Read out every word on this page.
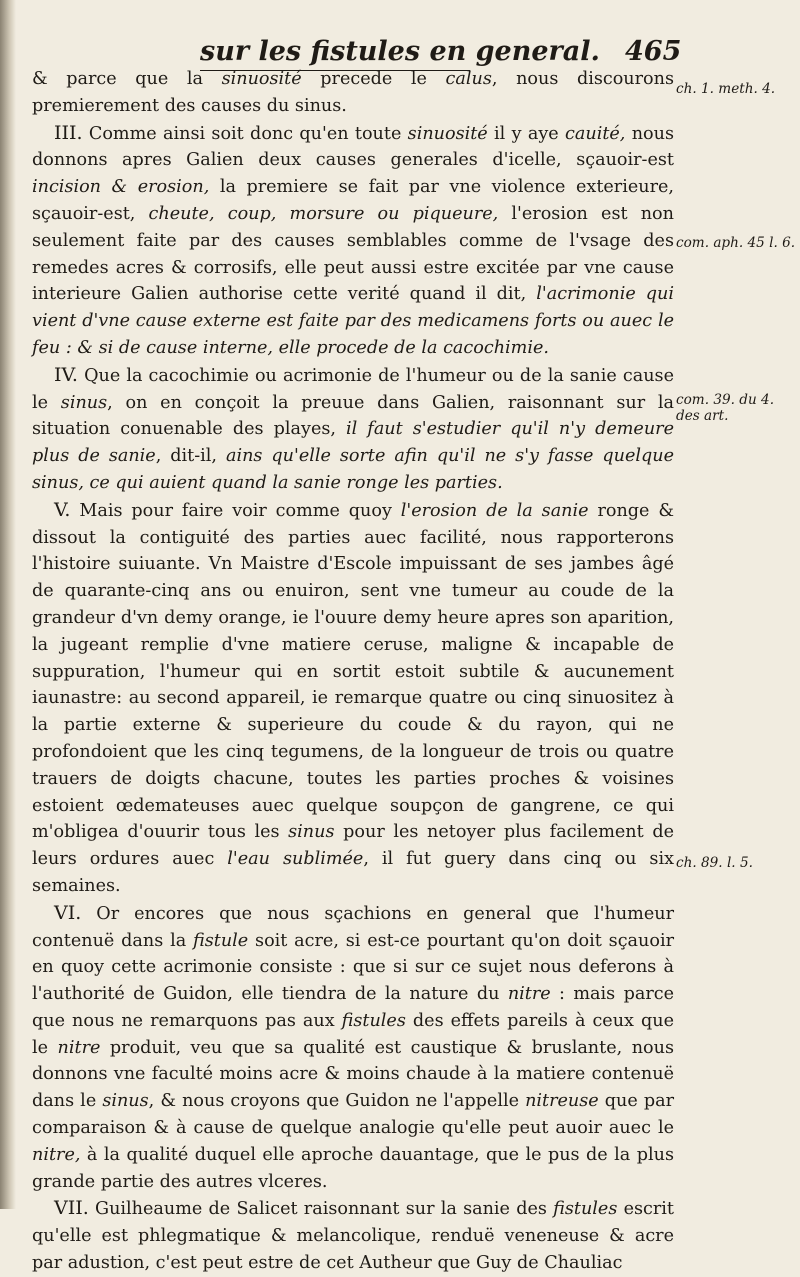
sur les fistules en general. 465

& parce que la sinuosité precede le calus, nous discourons premierement des causes du sinus.

III. Comme ainsi soit donc qu'en toute sinuosité il y aye cauité, nous donnons apres Galien deux causes generales d'icelle, sçauoir-est incision & erosion, la premiere se fait par vne violence exterieure, sçauoir-est, cheute, coup, morsure ou piqueure, l'erosion est non seulement faite par des causes semblables comme de l'vsage des remedes acres & corrosifs, elle peut aussi estre excitée par vne cause interieure Galien authorise cette verité quand il dit, l'acrimonie qui vient d'vne cause externe est faite par des medicamens forts ou auec le feu : & si de cause interne, elle procede de la cacochimie.

IV. Que la cacochimie ou acrimonie de l'humeur ou de la sanie cause le sinus, on en conçoit la preuue dans Galien, raisonnant sur la situation conuenable des playes, il faut s'estudier qu'il n'y demeure plus de sanie, dit-il, ains qu'elle sorte afin qu'il ne s'y fasse quelque sinus, ce qui auient quand la sanie ronge les parties.

V. Mais pour faire voir comme quoy l'erosion de la sanie ronge & dissout la contiguité des parties auec facilité, nous rapporterons l'histoire suiuante. Vn Maistre d'Escole impuissant de ses jambes âgé de quarante-cinq ans ou enuiron, sent vne tumeur au coude de la grandeur d'vn demy orange, ie l'ouure demy heure apres son aparition, la jugeant remplie d'vne matiere ceruse, maligne & incapable de suppuration, l'humeur qui en sortit estoit subtile & aucunement iaunastre: au second appareil, ie remarque quatre ou cinq sinuositez à la partie externe & superieure du coude & du rayon, qui ne profondoient que les cinq tegumens, de la longueur de trois ou quatre trauers de doigts chacune, toutes les parties proches & voisines estoient œdemateuses auec quelque soupçon de gangrene, ce qui m'obligea d'ouurir tous les sinus pour les netoyer plus facilement de leurs ordures auec l'eau sublimée, il fut guery dans cinq ou six semaines.

VI. Or encores que nous sçachions en general que l'humeur contenuë dans la fistule soit acre, si est-ce pourtant qu'on doit sçauoir en quoy cette acrimonie consiste : que si sur ce sujet nous deferons à l'authorité de Guidon, elle tiendra de la nature du nitre : mais parce que nous ne remarquons pas aux fistules des effets pareils à ceux que le nitre produit, veu que sa qualité est caustique & bruslante, nous donnons vne faculté moins acre & moins chaude à la matiere contenuë dans le sinus, & nous croyons que Guidon ne l'appelle nitreuse que par comparaison & à cause de quelque analogie qu'elle peut auoir auec le nitre, à la qualité duquel elle aproche dauantage, que le pus de la plus grande partie des autres vlceres.

VII. Guilheaume de Salicet raisonnant sur la sanie des fistules escrit qu'elle est phlegmatique & melancolique, renduë veneneuse & acre par adustion, c'est peut estre de cet Autheur que Guy de Chauliac

ch. 1. meth. 4.
com. aph. 45 l. 6.
com. 39. du 4. des art.
ch. 89. l. 5.
